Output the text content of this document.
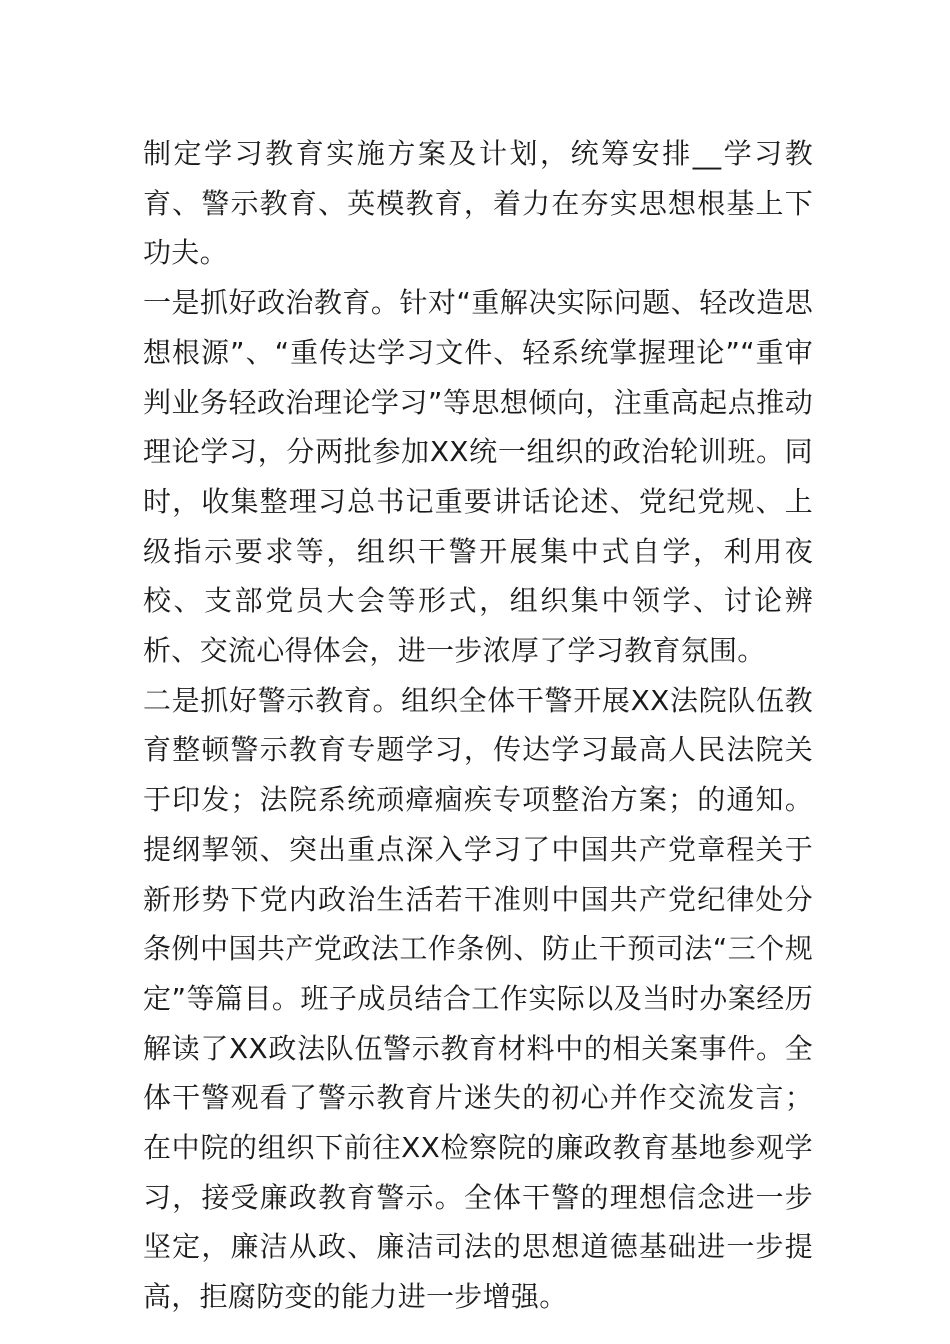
制定学习教育实施方案及计划，统筹安排__学习教育、警示教育、英模教育，着力在夯实思想根基上下功夫。

一是抓好政治教育。针对“重解决实际问题、轻改造思想根源”、“重传达学习文件、轻系统掌握理论”“重审判业务轻政治理论学习”等思想倾向，注重高起点推动理论学习，分两批参加XX统一组织的政治轮训班。同时，收集整理习总书记重要讲话论述、党纪党规、上级指示要求等，组织干警开展集中式自学，利用夜校、支部党员大会等形式，组织集中领学、讨论辨析、交流心得体会，进一步浓厚了学习教育氛围。

二是抓好警示教育。组织全体干警开展XX法院队伍教育整顿警示教育专题学习，传达学习最高人民法院关于印发；法院系统顽瘴痼疾专项整治方案；的通知。提纲挈领、突出重点深入学习了中国共产党章程关于新形势下党内政治生活若干准则中国共产党纪律处分条例中国共产党政法工作条例、防止干预司法“三个规定”等篇目。班子成员结合工作实际以及当时办案经历解读了XX政法队伍警示教育材料中的相关案事件。全体干警观看了警示教育片迷失的初心并作交流发言；在中院的组织下前往XX检察院的廉政教育基地参观学习，接受廉政教育警示。全体干警的理想信念进一步坚定，廉洁从政、廉洁司法的思想道德基础进一步提高，拒腐防变的能力进一步增强。
